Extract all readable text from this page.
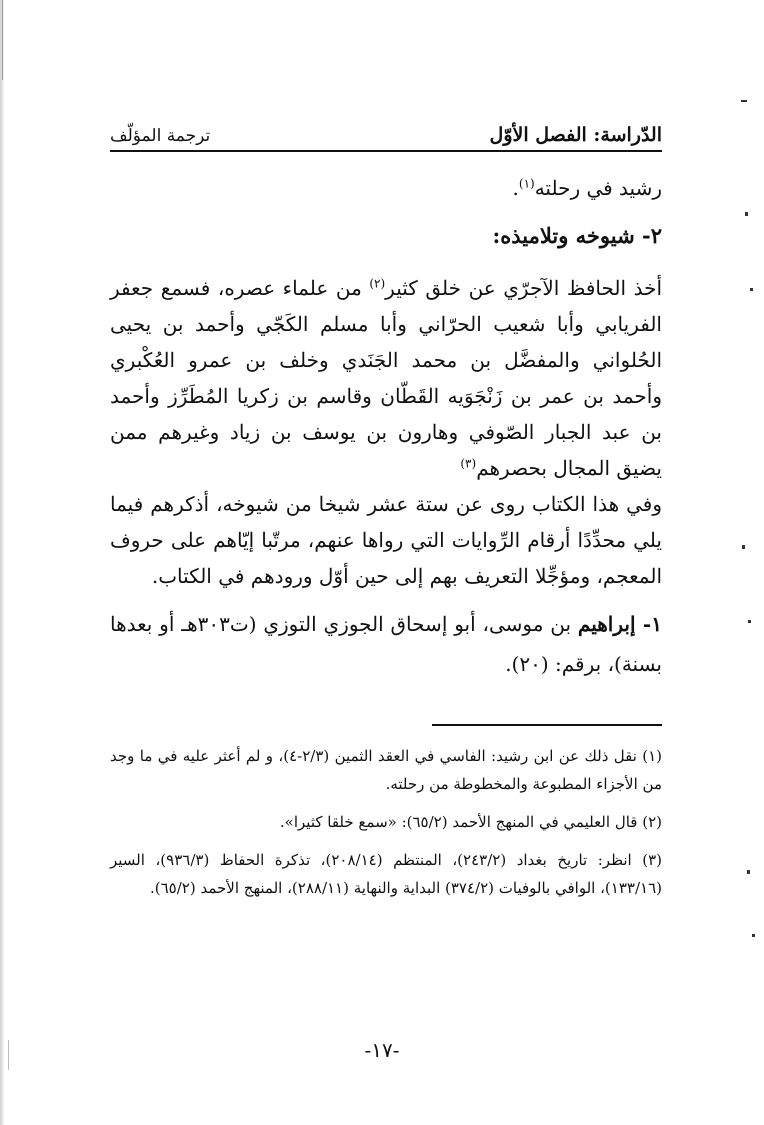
الدّراسة: الفصل الأوّل
ترجمة المؤلّف

رشيد في رحلته$^{(١)}$.

٢- شيوخه وتلاميذه:

أخذ الحافظ الآجرّي عن خلق كثير$^{(٢)}$ من علماء عصره، فسمع جعفر الفريابي وأبا شعيب الحرّاني وأبا مسلم الكَجّي وأحمد بن يحيى الحُلواني والمفضَّل بن محمد الجَنَدي وخلف بن عمرو العُكْبري وأحمد بن عمر بن زَنْجَوَيه القَطّان وقاسم بن زكريا المُطَرِّز وأحمد بن عبد الجبار الصّوفي وهارون بن يوسف بن زياد وغيرهم ممن يضيق المجال بحصرهم$^{(٣)}$

وفي هذا الكتاب روى عن ستة عشر شيخا من شيوخه، أذكرهم فيما يلي محدِّدًا أرقام الرِّوايات التي رواها عنهم، مرتّبا إيّاهم على حروف المعجم، ومؤجِّلا التعريف بهم إلى حين أوّل ورودهم في الكتاب.

١- إبراهيم بن موسى، أبو إسحاق الجوزي التوزي (ت٣٠٣هـ أو بعدها بسنة)، برقم: (٢٠).

(١) نقل ذلك عن ابن رشيد: الفاسي في العقد الثمين (٢/٣-٤)، و لم أعثر عليه في ما وجد من الأجزاء المطبوعة والمخطوطة من رحلته.

(٢) قال العليمي في المنهج الأحمد (٦٥/٢): «سمع خلقا كثيرا».

(٣) انظر: تاريخ بغداد (٢٤٣/٢)، المنتظم (٢٠٨/١٤)، تذكرة الحفاظ (٩٣٦/٣)، السير (١٣٣/١٦)، الوافي بالوفيات (٣٧٤/٢) البداية والنهاية (٢٨٨/١١)، المنهج الأحمد (٦٥/٢).

-١٧-
